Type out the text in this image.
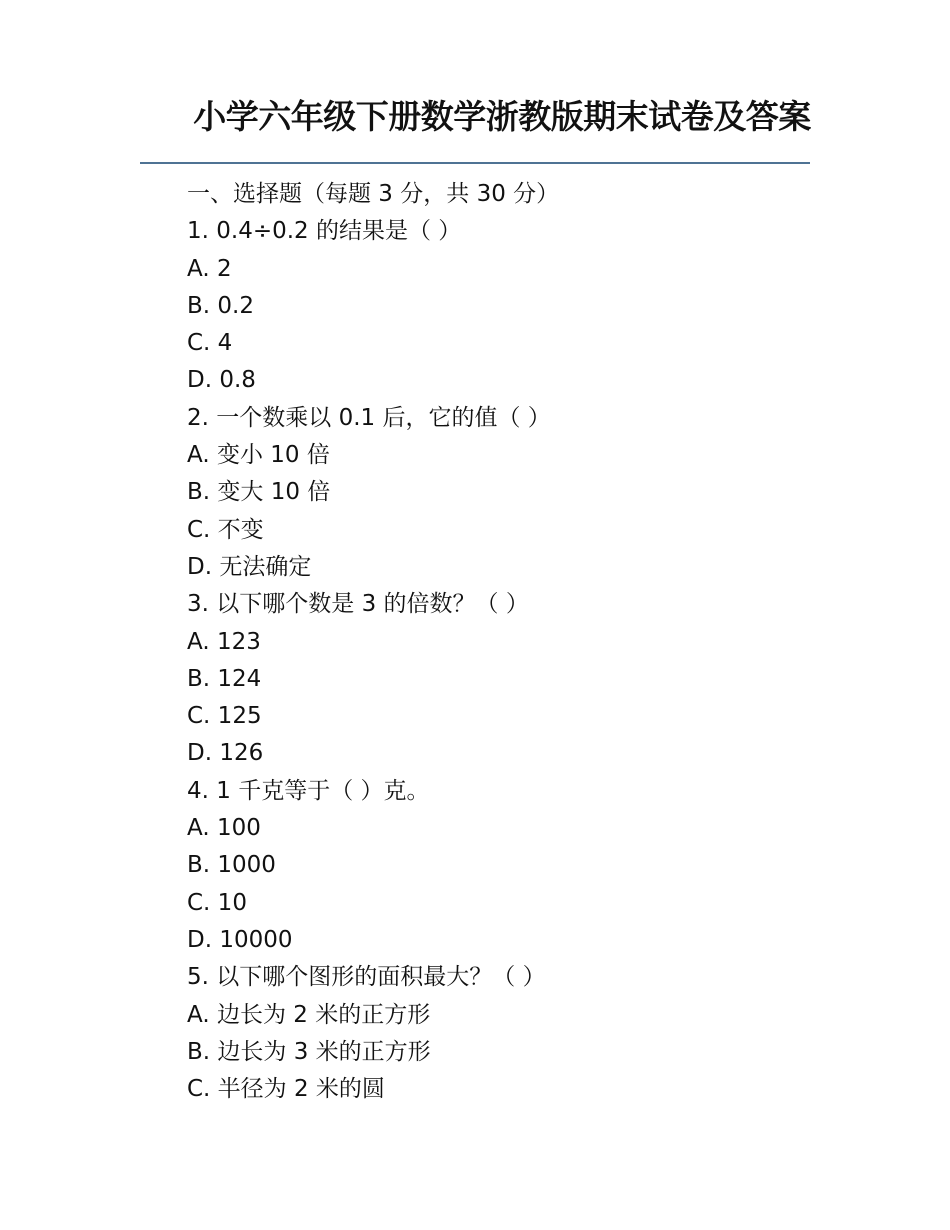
小学六年级下册数学浙教版期末试卷及答案
一、选择题（每题 3 分，共 30 分）
1. 0.4÷0.2 的结果是（ ）
A. 2
B. 0.2
C. 4
D. 0.8
2. 一个数乘以 0.1 后，它的值（ ）
A. 变小 10 倍
B. 变大 10 倍
C. 不变
D. 无法确定
3. 以下哪个数是 3 的倍数？（ ）
A. 123
B. 124
C. 125
D. 126
4. 1 千克等于（ ）克。
A. 100
B. 1000
C. 10
D. 10000
5. 以下哪个图形的面积最大？（ ）
A. 边长为 2 米的正方形
B. 边长为 3 米的正方形
C. 半径为 2 米的圆
